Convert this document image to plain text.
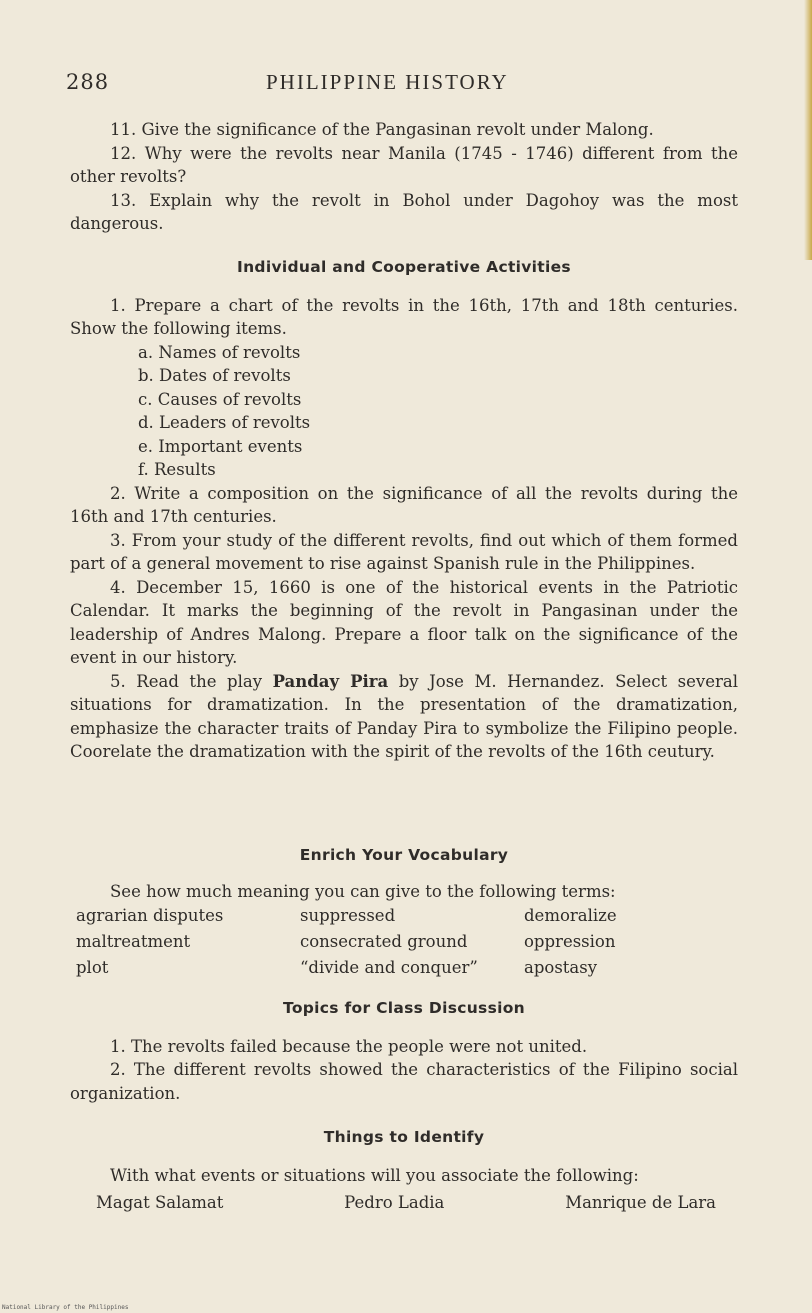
288	PHILIPPINE HISTORY

11. Give the significance of the Pangasinan revolt under Malong.

12. Why were the revolts near Manila (1745 - 1746) different from the other revolts?

13. Explain why the revolt in Bohol under Dagohoy was the most dangerous.

Individual and Cooperative Activities

1. Prepare a chart of the revolts in the 16th, 17th and 18th centuries. Show the following items.

a. Names of revolts

b. Dates of revolts

c. Causes of revolts

d. Leaders of revolts

e. Important events

f. Results

2. Write a composition on the significance of all the revolts during the 16th and 17th centuries.

3. From your study of the different revolts, find out which of them formed part of a general movement to rise against Spanish rule in the Philippines.

4. December 15, 1660 is one of the historical events in the Patriotic Calendar. It marks the beginning of the revolt in Pangasinan under the leadership of Andres Malong. Prepare a floor talk on the significance of the event in our history.

5. Read the play Panday Pira by Jose M. Hernandez. Select several situations for dramatization. In the presentation of the dramatization, emphasize the character traits of Panday Pira to symbolize the Filipino people. Coorelate the dramatization with the spirit of the revolts of the 16th ceutury.

Enrich Your Vocabulary

See how much meaning you can give to the following terms:

agrarian disputes	suppressed	demoralize
maltreatment	consecrated ground	oppression
plot	“divide and conquer”	apostasy

Topics for Class Discussion

1. The revolts failed because the people were not united.

2. The different revolts showed the characteristics of the Filipino social organization.

Things to Identify

With what events or situations will you associate the following:

Magat Salamat	Pedro Ladia	Manrique de Lara
National Library of the Philippines
